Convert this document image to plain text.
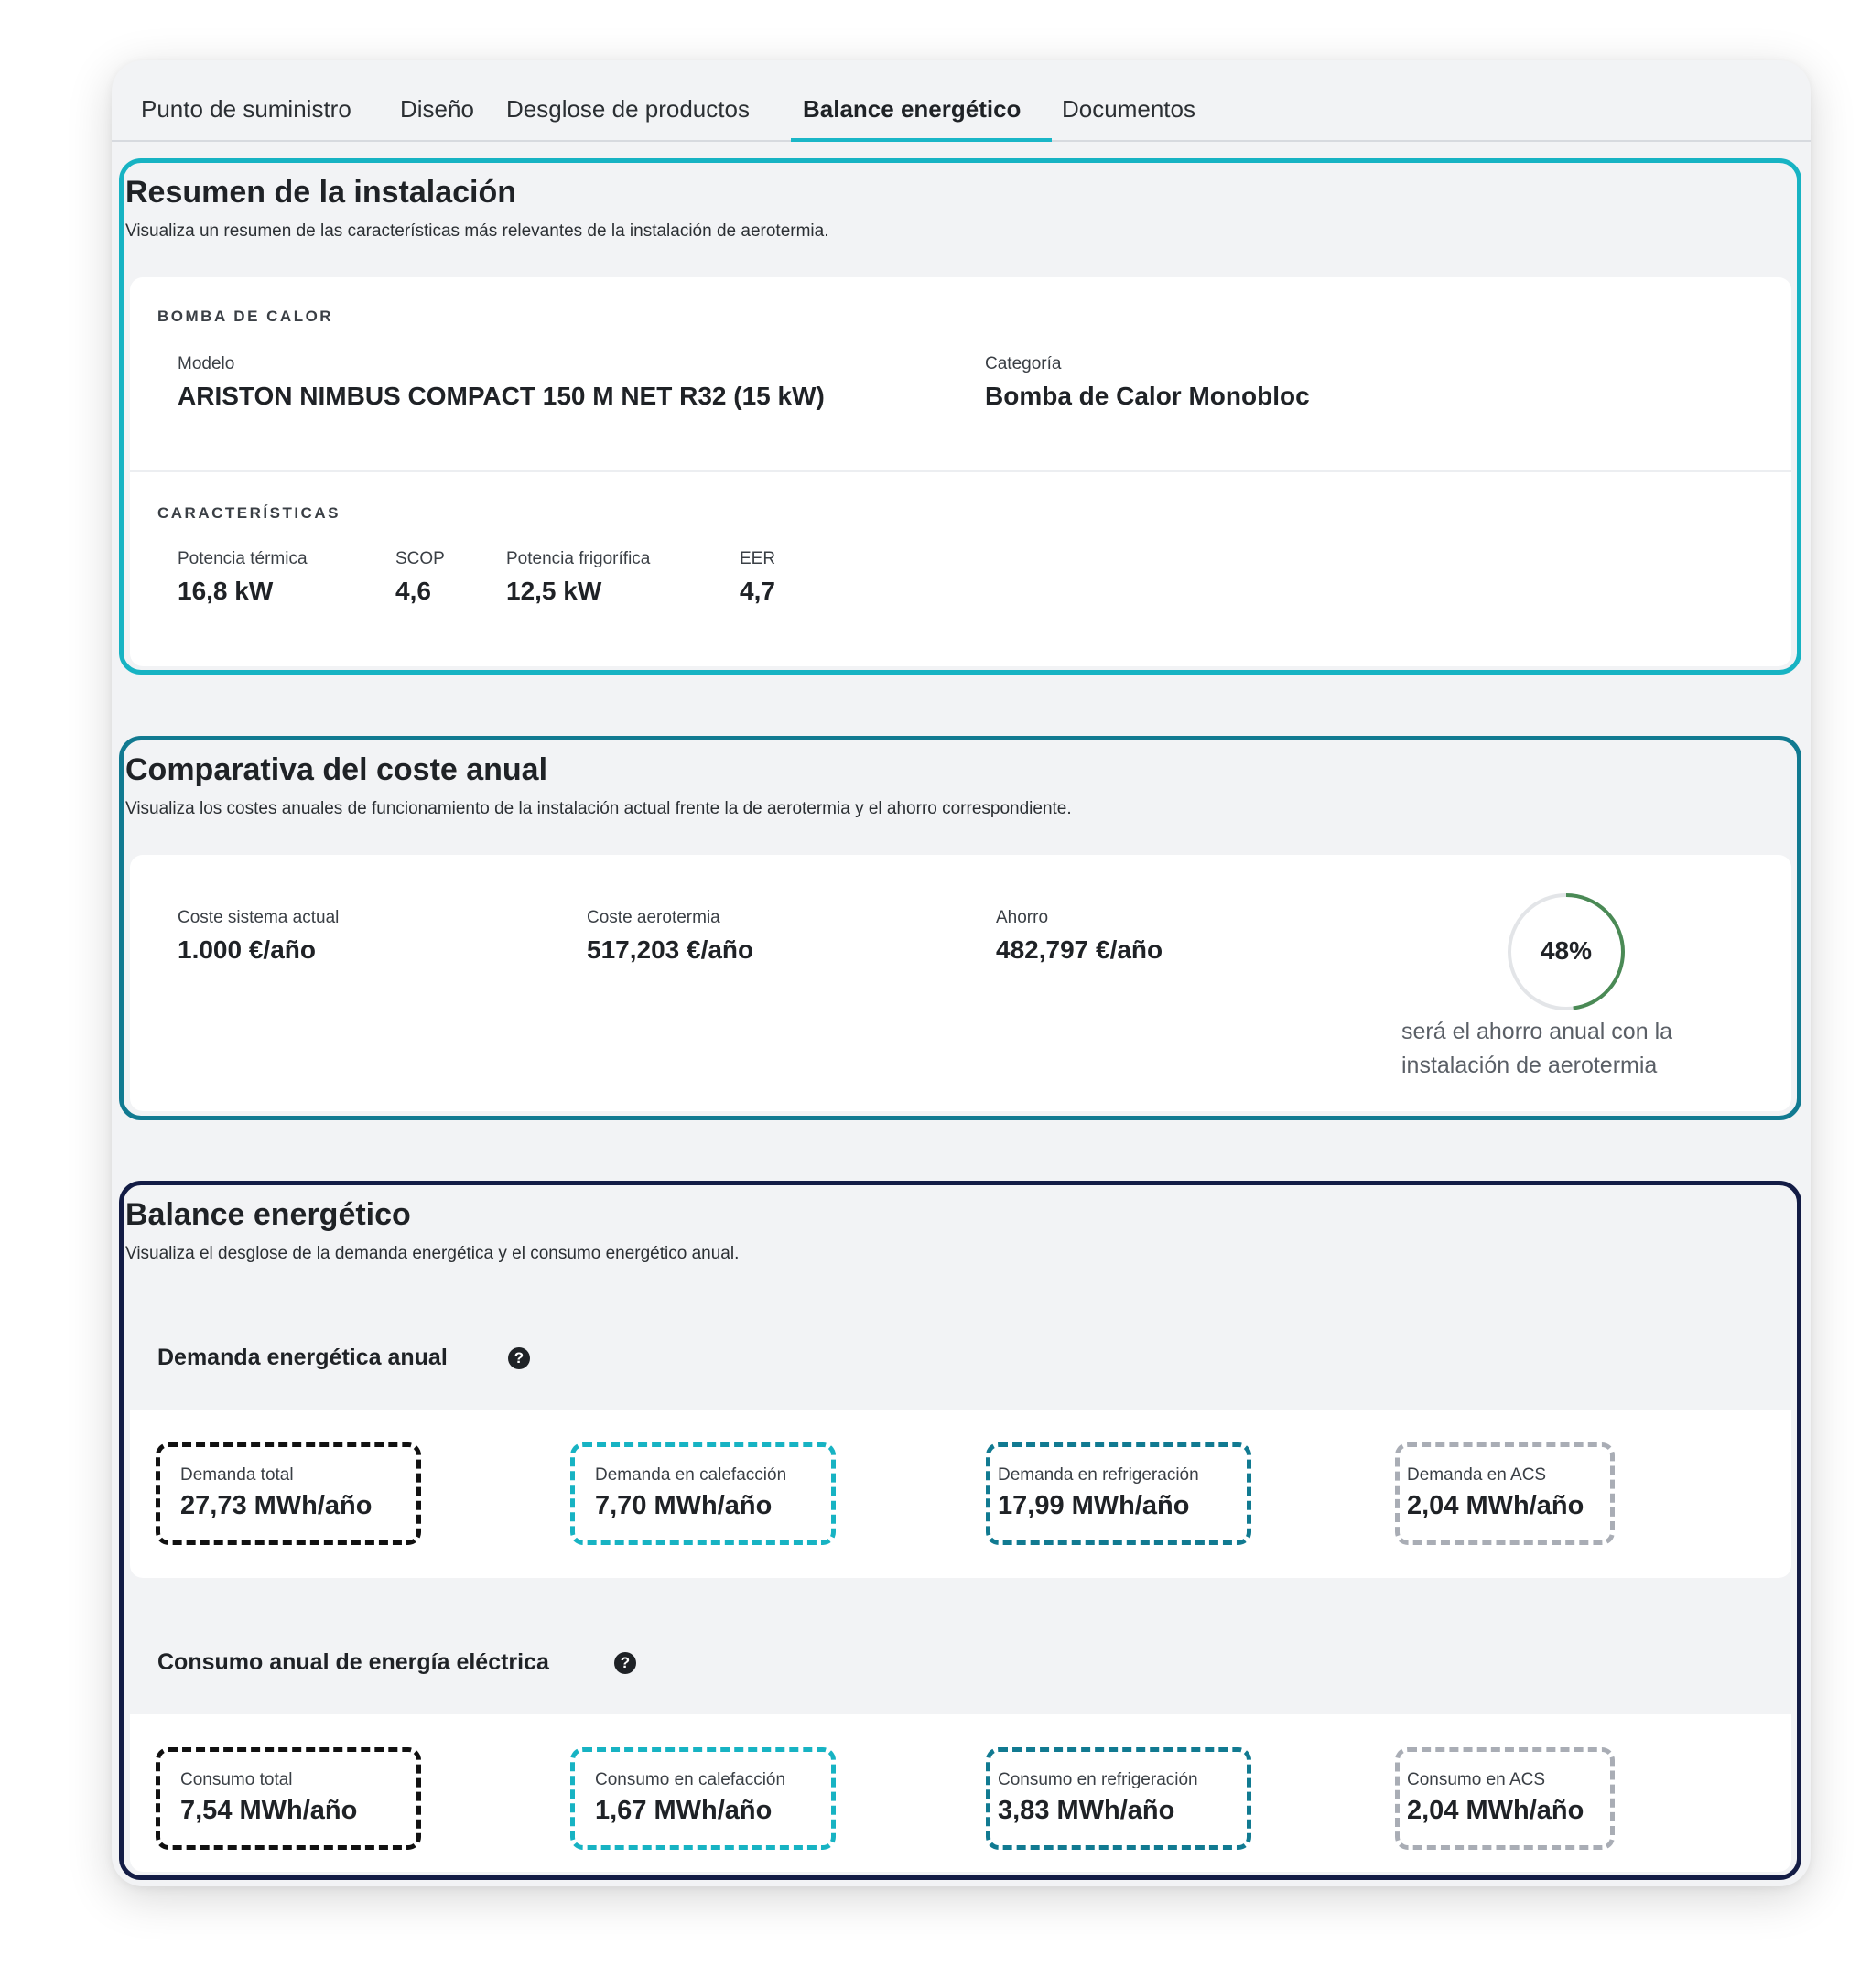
Punto de suministro Diseño Desglose de productos Balance energético Documentos
Resumen de la instalación
Visualiza un resumen de las características más relevantes de la instalación de aerotermia.
BOMBA DE CALOR
Modelo
ARISTON NIMBUS COMPACT 150 M NET R32 (15 kW)
Categoría
Bomba de Calor Monobloc
CARACTERÍSTICAS
Potencia térmica
16,8 kW
SCOP
4,6
Potencia frigorífica
12,5 kW
EER
4,7
Comparativa del coste anual
Visualiza los costes anuales de funcionamiento de la instalación actual frente la de aerotermia y el ahorro correspondiente.
Coste sistema actual
1.000 €/año
Coste aerotermia
517,203 €/año
Ahorro
482,797 €/año	48%
será el ahorro anual con la instalación de aerotermia
Balance energético
Visualiza el desglose de la demanda energética y el consumo energético anual.
Demanda energética anual	?
Demanda total
27,73 MWh/año
Demanda en calefacción
7,70 MWh/año
Demanda en refrigeración
17,99 MWh/año
Demanda en ACS
2,04 MWh/año
Consumo anual de energía eléctrica	?
Consumo total
7,54 MWh/año
Consumo en calefacción
1,67 MWh/año
Consumo en refrigeración
3,83 MWh/año
Consumo en ACS
2,04 MWh/año
